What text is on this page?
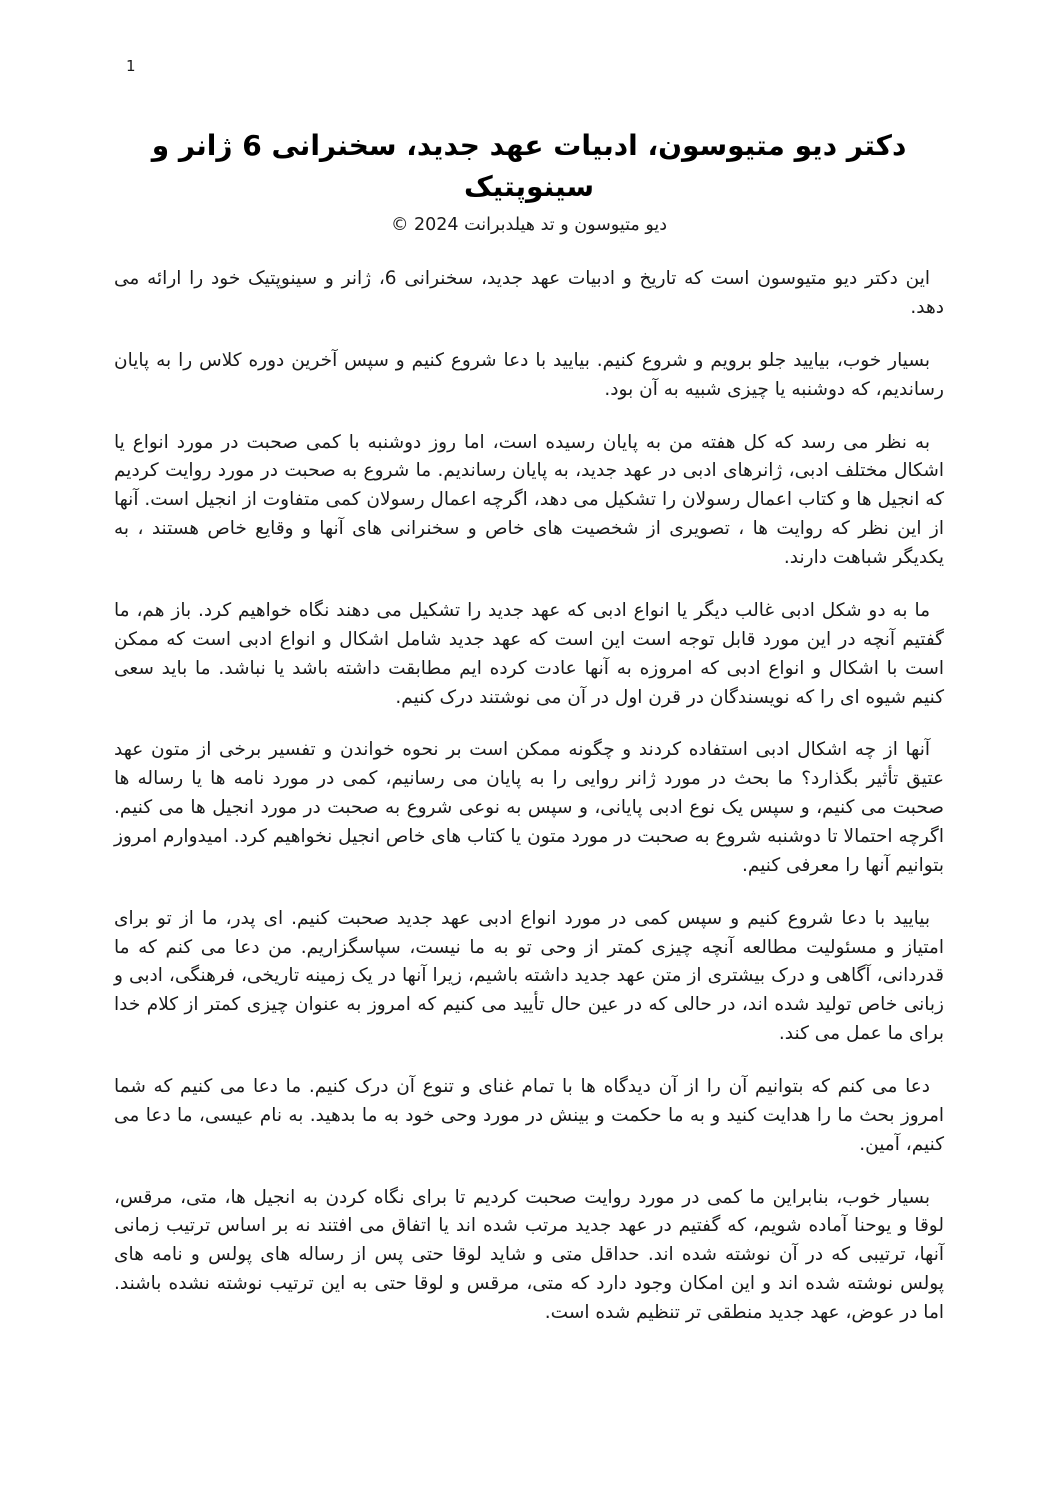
1
دکتر دیو متیوسون، ادبیات عهد جدید، سخنرانی 6 ژانر و
سینوپتیک
© 2024 دیو متیوسون و تد هیلدبرانت

این دکتر دیو متیوسون است که تاریخ و ادبیات عهد جدید، سخنرانی 6، ژانر و سینوپتیک خود را ارائه می دهد.

بسیار خوب، بیایید جلو برویم و شروع کنیم. بیایید با دعا شروع کنیم و سپس آخرین دوره کلاس را به پایان رساندیم، که دوشنبه یا چیزی شبیه به آن بود.

به نظر می رسد که کل هفته من به پایان رسیده است، اما روز دوشنبه با کمی صحبت در مورد انواع یا اشکال مختلف ادبی، ژانرهای ادبی در عهد جدید، به پایان رساندیم. ما شروع به صحبت در مورد روایت کردیم که انجیل ها و کتاب اعمال رسولان را تشکیل می دهد، اگرچه اعمال رسولان کمی متفاوت از انجیل است. آنها از این نظر که روایت ها ، تصویری از شخصیت های خاص و سخنرانی های آنها و وقایع خاص هستند ، به یکدیگر شباهت دارند.

ما به دو شکل ادبی غالب دیگر یا انواع ادبی که عهد جدید را تشکیل می دهند نگاه خواهیم کرد. باز هم، ما گفتیم آنچه در این مورد قابل توجه است این است که عهد جدید شامل اشکال و انواع ادبی است که ممکن است با اشکال و انواع ادبی که امروزه به آنها عادت کرده ایم مطابقت داشته باشد یا نباشد. ما باید سعی کنیم شیوه ای را که نویسندگان در قرن اول در آن می نوشتند درک کنیم.

آنها از چه اشکال ادبی استفاده کردند و چگونه ممکن است بر نحوه خواندن و تفسیر برخی از متون عهد عتیق تأثیر بگذارد؟ ما بحث در مورد ژانر روایی را به پایان می رسانیم، کمی در مورد نامه ها یا رساله ها صحبت می کنیم، و سپس یک نوع ادبی پایانی، و سپس به نوعی شروع به صحبت در مورد انجیل ها می کنیم. اگرچه احتمالا تا دوشنبه شروع به صحبت در مورد متون یا کتاب های خاص انجیل نخواهیم کرد. امیدوارم امروز بتوانیم آنها را معرفی کنیم.

بیایید با دعا شروع کنیم و سپس کمی در مورد انواع ادبی عهد جدید صحبت کنیم. ای پدر، ما از تو برای امتیاز و مسئولیت مطالعه آنچه چیزی کمتر از وحی تو به ما نیست، سپاسگزاریم. من دعا می کنم که ما قدردانی، آگاهی و درک بیشتری از متن عهد جدید داشته باشیم، زیرا آنها در یک زمینه تاریخی، فرهنگی، ادبی و زبانی خاص تولید شده اند، در حالی که در عین حال تأیید می کنیم که امروز به عنوان چیزی کمتر از کلام خدا برای ما عمل می کند.

دعا می کنم که بتوانیم آن را از آن دیدگاه ها با تمام غنای و تنوع آن درک کنیم. ما دعا می کنیم که شما امروز بحث ما را هدایت کنید و به ما حکمت و بینش در مورد وحی خود به ما بدهید. به نام عیسی، ما دعا می کنیم، آمین.

بسیار خوب، بنابراین ما کمی در مورد روایت صحبت کردیم تا برای نگاه کردن به انجیل ها، متی، مرقس، لوقا و یوحنا آماده شویم، که گفتیم در عهد جدید مرتب شده اند یا اتفاق می افتند نه بر اساس ترتیب زمانی آنها، ترتیبی که در آن نوشته شده اند. حداقل متی و شاید لوقا حتی پس از رساله های پولس و نامه های پولس نوشته شده اند و این امکان وجود دارد که متی، مرقس و لوقا حتی به این ترتیب نوشته نشده باشند. اما در عوض، عهد جدید منطقی تر تنظیم شده است.
